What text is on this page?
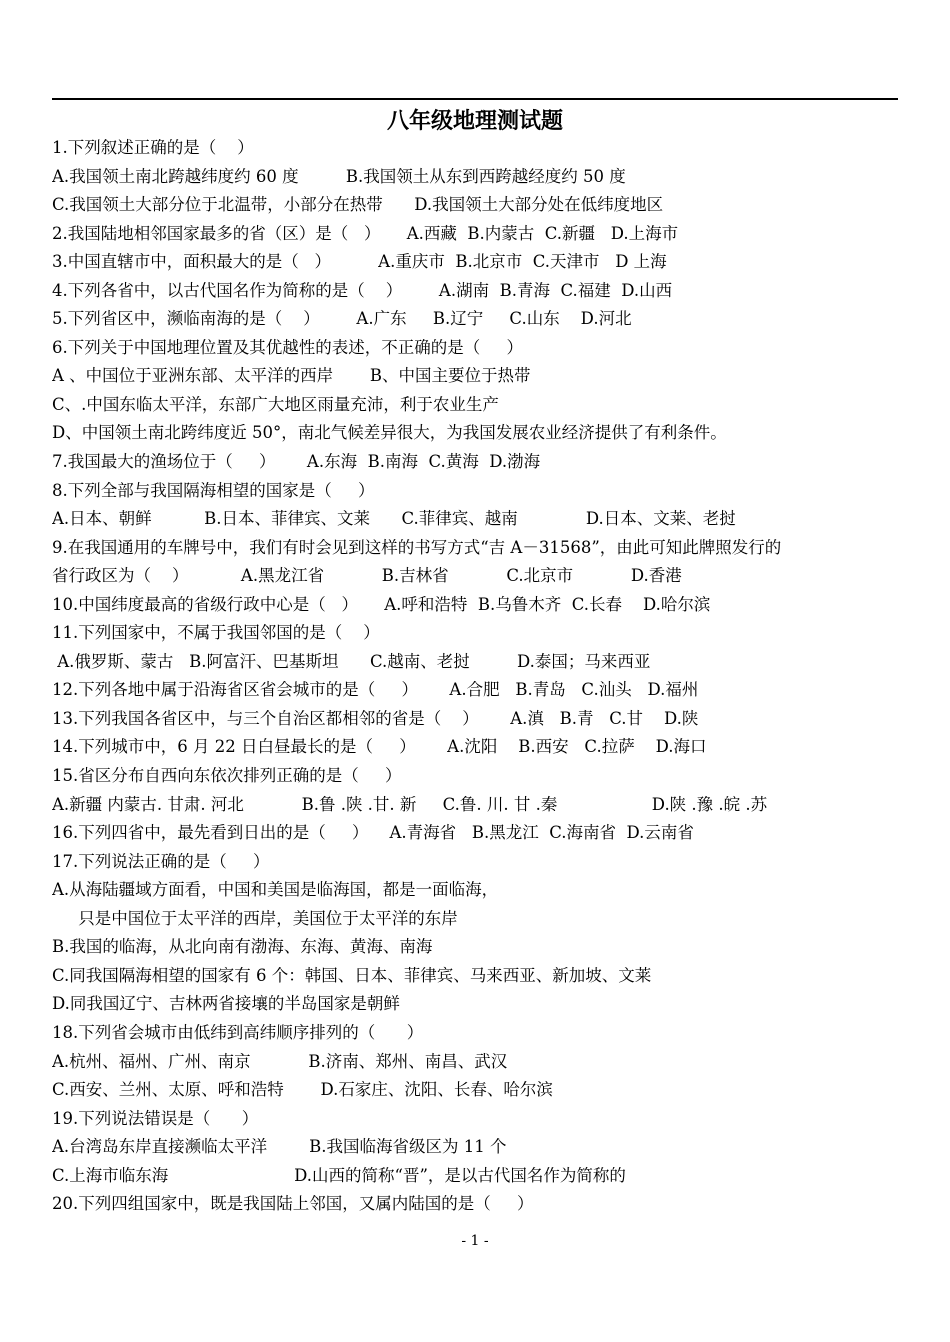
八年级地理测试题
1.下列叙述正确的是（    ）
A.我国领土南北跨越纬度约 60 度         B.我国领土从东到西跨越经度约 50 度
C.我国领土大部分位于北温带，小部分在热带      D.我国领土大部分处在低纬度地区
2.我国陆地相邻国家最多的省（区）是（   ）     A.西藏  B.内蒙古  C.新疆   D.上海市
3.中国直辖市中，面积最大的是（   ）         A.重庆市  B.北京市  C.天津市   D 上海
4.下列各省中，以古代国名作为简称的是（    ）       A.湖南  B.青海  C.福建  D.山西
5.下列省区中，濒临南海的是（    ）       A.广东     B.辽宁     C.山东    D.河北
6.下列关于中国地理位置及其优越性的表述，不正确的是（     ）
A 、中国位于亚洲东部、太平洋的西岸       B、中国主要位于热带
C、.中国东临太平洋，东部广大地区雨量充沛，利于农业生产
D、中国领土南北跨纬度近 50°，南北气候差异很大，为我国发展农业经济提供了有利条件。
7.我国最大的渔场位于（     ）      A.东海  B.南海  C.黄海  D.渤海
8.下列全部与我国隔海相望的国家是（     ）
A.日本、朝鲜          B.日本、菲律宾、文莱      C.菲律宾、越南             D.日本、文莱、老挝
9.在我国通用的车牌号中，我们有时会见到这样的书写方式“吉 A－31568”，由此可知此牌照发行的
省行政区为（    ）          A.黑龙江省           B.吉林省           C.北京市           D.香港
10.中国纬度最高的省级行政中心是（   ）     A.呼和浩特  B.乌鲁木齐  C.长春    D.哈尔滨
11.下列国家中，不属于我国邻国的是（    ）
A.俄罗斯、蒙古   B.阿富汗、巴基斯坦      C.越南、老挝         D.泰国；马来西亚
12.下列各地中属于沿海省区省会城市的是（     ）      A.合肥   B.青岛   C.汕头   D.福州
13.下列我国各省区中，与三个自治区都相邻的省是（    ）      A.滇   B.青   C.甘    D.陕
14.下列城市中，6 月 22 日白昼最长的是（     ）      A.沈阳    B.西安   C.拉萨    D.海口
15.省区分布自西向东依次排列正确的是（     ）
A.新疆 内蒙古. 甘肃. 河北           B.鲁 .陕 .甘. 新     C.鲁. 川. 甘 .秦                  D.陕 .豫 .皖 .苏
16.下列四省中，最先看到日出的是（     ）    A.青海省   B.黑龙江  C.海南省  D.云南省
17.下列说法正确的是（     ）
A.从海陆疆域方面看，中国和美国是临海国，都是一面临海，
只是中国位于太平洋的西岸，美国位于太平洋的东岸
B.我国的临海，从北向南有渤海、东海、黄海、南海
C.同我国隔海相望的国家有 6 个：韩国、日本、菲律宾、马来西亚、新加坡、文莱
D.同我国辽宁、吉林两省接壤的半岛国家是朝鲜
18.下列省会城市由低纬到高纬顺序排列的（      ）
A.杭州、福州、广州、南京           B.济南、郑州、南昌、武汉
C.西安、兰州、太原、呼和浩特       D.石家庄、沈阳、长春、哈尔滨
19.下列说法错误是（      ）
A.台湾岛东岸直接濒临太平洋        B.我国临海省级区为 11 个
C.上海市临东海                        D.山西的简称“晋”，是以古代国名作为简称的
20.下列四组国家中，既是我国陆上邻国，又属内陆国的是（     ）
- 1 -
